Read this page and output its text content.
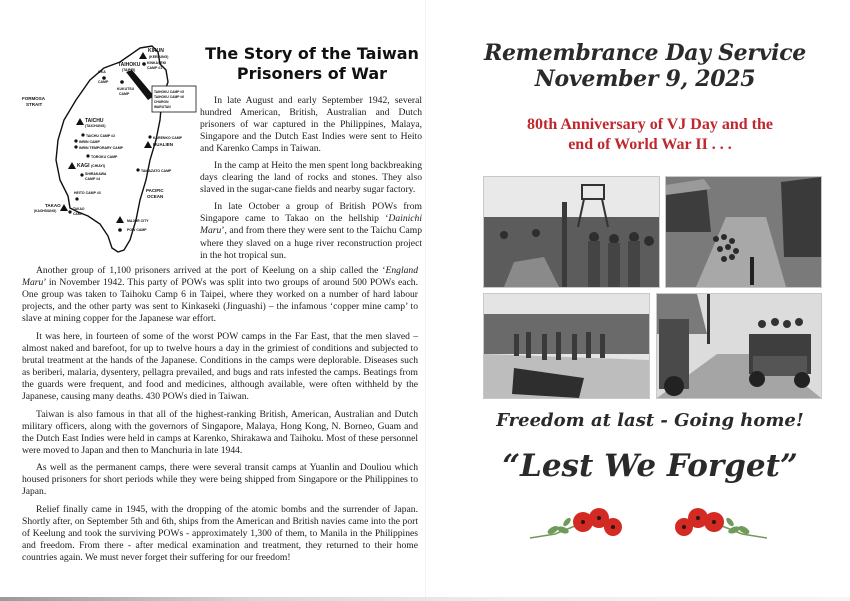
KIRUN
(KEELUNG)
TAIHOKU
(TAIPEI)
KINKASEKI
CAMP #1
OKA
CAMP
KUKUTSU
CAMP	TAIHOKU CAMP #5
TAIHOKU CAMP #6
CHURON
WARUTAN
FORMOSA
STRAIT
TAICHU
(TAICHUNG)
TAICHU CAMP #2
INRIN CAMP
INRIN TEMPORARY CAMP
KARENKO CAMP
HUALIEN
TOROKU CAMP
KAGI (CHIAYI)
TAMAZATO CAMP
SHIRAKAWA
CAMP #4
PACIFIC
OCEAN
HEITO CAMP #3
TAKAO
(KAOHSIUNG)	TAKAO
CAMP
MAJOR CITY
POW CAMP
The Story of the Taiwan
Prisoners of War

In late August and early September 1942, several hundred American, British, Australian and Dutch prisoners of war captured in the Philippines, Malaya, Singapore and the Dutch East Indies were sent to Heito and Karenko Camps in Taiwan.

In the camp at Heito the men spent long backbreaking days clearing the land of rocks and stones. They also slaved in the sugar-cane fields and nearby sugar factory.

In late October a group of British POWs from Singapore came to Takao on the hellship ‘Dainichi Maru’, and from there they were sent to the Taichu Camp where they slaved on a huge river reconstruction project in the hot tropical sun.

Another group of 1,100 prisoners arrived at the port of Keelung on a ship called the ‘England Maru’ in November 1942. This party of POWs was split into two groups of around 500 POWs each. One group was taken to Taihoku Camp 6 in Taipei, where they worked on a number of hard labour projects, and the other party was sent to Kinkaseki (Jinguashi) – the infamous ‘copper mine camp’ to slave at mining copper for the Japanese war effort.

It was here, in fourteen of some of the worst POW camps in the Far East, that the men slaved – almost naked and barefoot, for up to twelve hours a day in the grimiest of conditions and subjected to brutal treatment at the hands of the Japanese. Conditions in the camps were deplorable. Diseases such as beriberi, malaria, dysentery, pellagra prevailed, and bugs and rats infested the camps. Beatings from the guards were frequent, and food and medicines, although available, were often withheld by the Japanese, causing many deaths. 430 POWs died in Taiwan.

Taiwan is also famous in that all of the highest-ranking British, American, Australian and Dutch military officers, along with the governors of Singapore, Malaya, Hong Kong, N. Borneo, Guam and the Dutch East Indies were held in camps at Karenko, Shirakawa and Taihoku. Most of these personnel were moved to Japan and then to Manchuria in late 1944.

As well as the permanent camps, there were several transit camps at Yuanlin and Douliou which housed prisoners for short periods while they were being shipped from Singapore or the Philippines to Japan.

Relief finally came in 1945, with the dropping of the atomic bombs and the surrender of Japan. Shortly after, on September 5th and 6th, ships from the American and British navies came into the port of Keelung and took the surviving POWs - approximately 1,300 of them, to Manila in the Philippines and freedom. From there - after medical examination and treatment, they returned to their home countries again. We must never forget their suffering for our freedom!

Remembrance Day Service
November 9, 2025
80th Anniversary of VJ Day and the
end of World War II . . .
Freedom at last - Going home!
“Lest We Forget”
